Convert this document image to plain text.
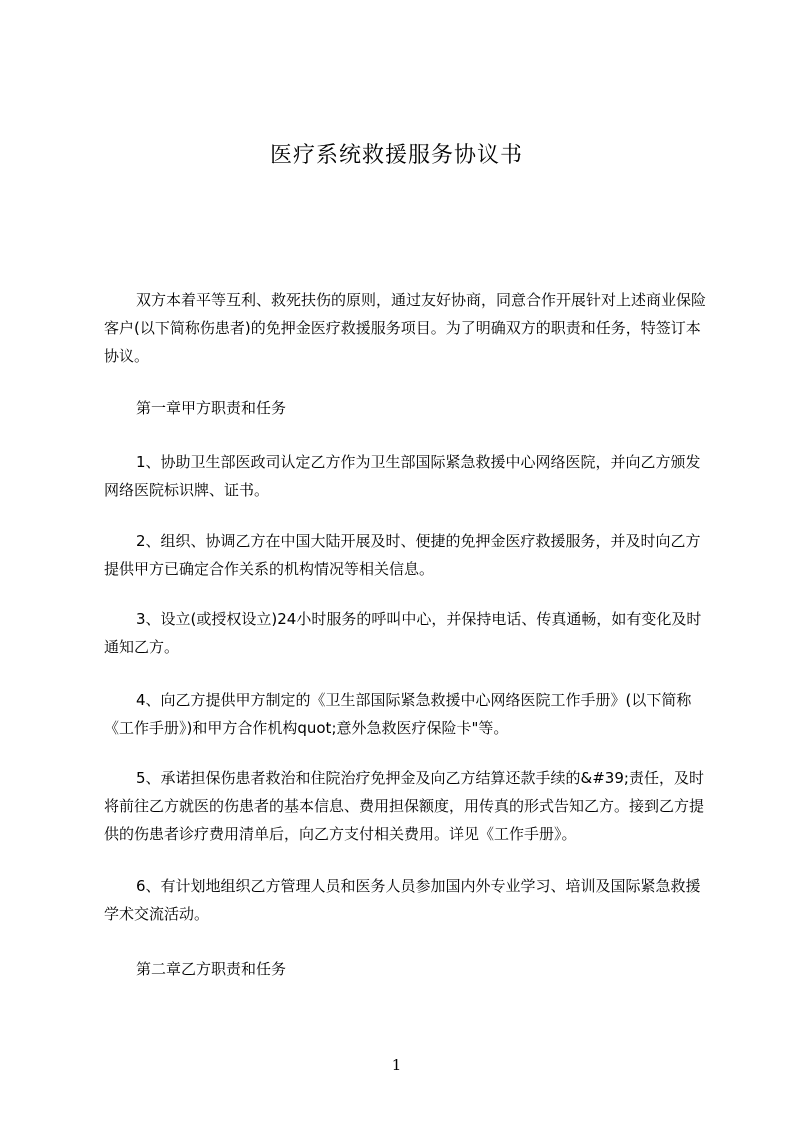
医疗系统救援服务协议书
双方本着平等互利、救死扶伤的原则，通过友好协商，同意合作开展针对上述商业保险客户(以下简称伤患者)的免押金医疗救援服务项目。为了明确双方的职责和任务，特签订本协议。
第一章甲方职责和任务
1、协助卫生部医政司认定乙方作为卫生部国际紧急救援中心网络医院，并向乙方颁发网络医院标识牌、证书。
2、组织、协调乙方在中国大陆开展及时、便捷的免押金医疗救援服务，并及时向乙方提供甲方已确定合作关系的机构情况等相关信息。
3、设立(或授权设立)24小时服务的呼叫中心，并保持电话、传真通畅，如有变化及时通知乙方。
4、向乙方提供甲方制定的《卫生部国际紧急救援中心网络医院工作手册》(以下简称《工作手册》)和甲方合作机构quot;意外急救医疗保险卡"等。
5、承诺担保伤患者救治和住院治疗免押金及向乙方结算还款手续的&#39;责任，及时将前往乙方就医的伤患者的基本信息、费用担保额度，用传真的形式告知乙方。接到乙方提供的伤患者诊疗费用清单后，向乙方支付相关费用。详见《工作手册》。
6、有计划地组织乙方管理人员和医务人员参加国内外专业学习、培训及国际紧急救援学术交流活动。
第二章乙方职责和任务
1
